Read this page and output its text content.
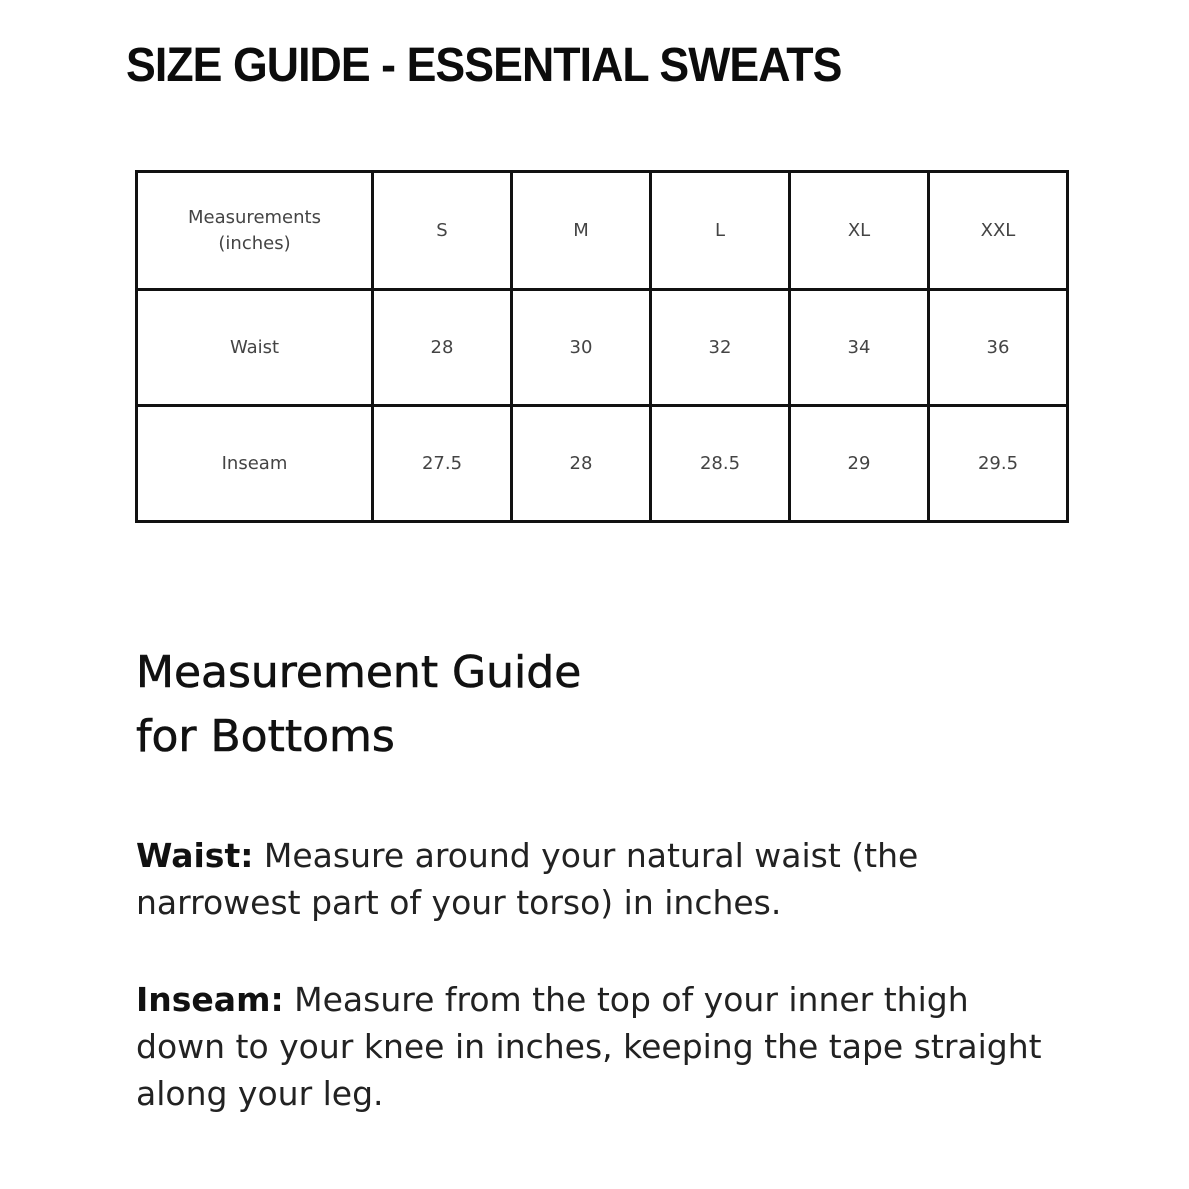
SIZE GUIDE - ESSENTIAL SWEATS
Measurements
(inches)	S	M	L	XL	XXL
Waist	28	30	32	34	36
Inseam	27.5	28	28.5	29	29.5
Measurement Guide
for Bottoms

Waist: Measure around your natural waist (the narrowest part of your torso) in inches.

Inseam: Measure from the top of your inner thigh down to your knee in inches, keeping the tape straight along your leg.
